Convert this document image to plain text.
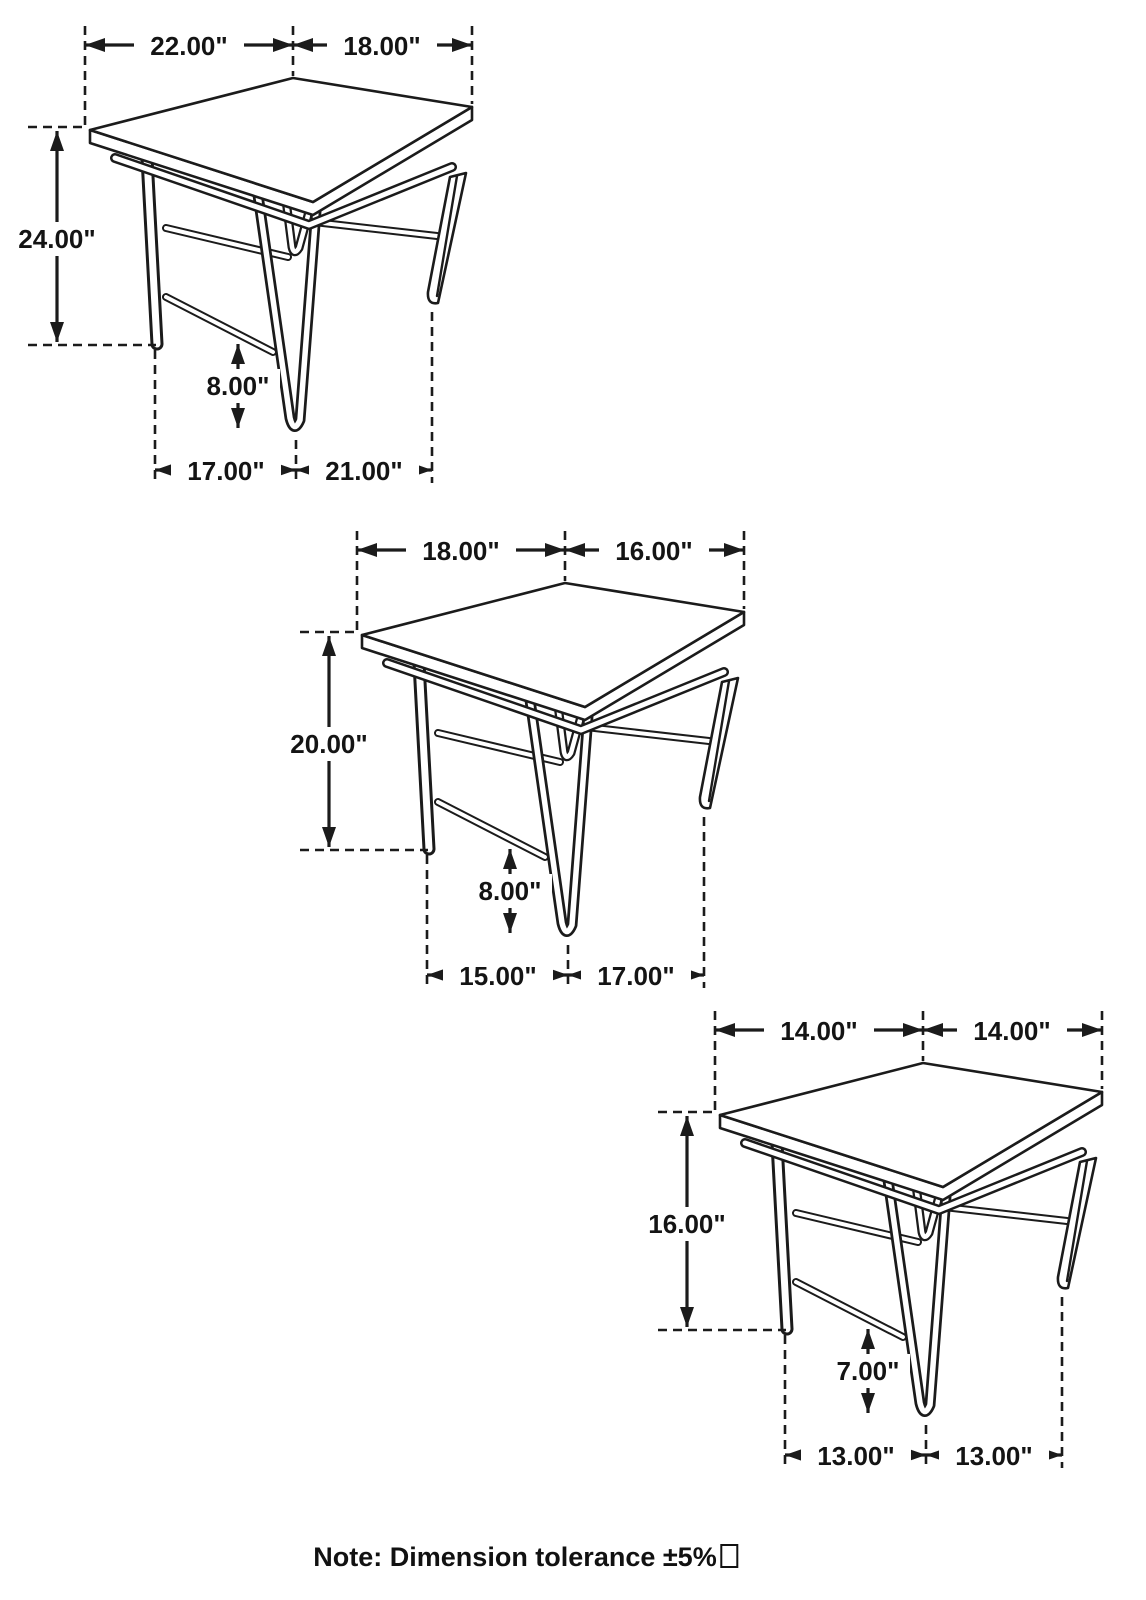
22.00"	18.00"
24.00"
8.00"
17.00" 21.00"
18.00"	16.00"
20.00"
8.00"
15.00" 17.00"
14.00"	14.00"
16.00"
7.00"
13.00" 13.00"
Note: Dimension tolerance ±5%
